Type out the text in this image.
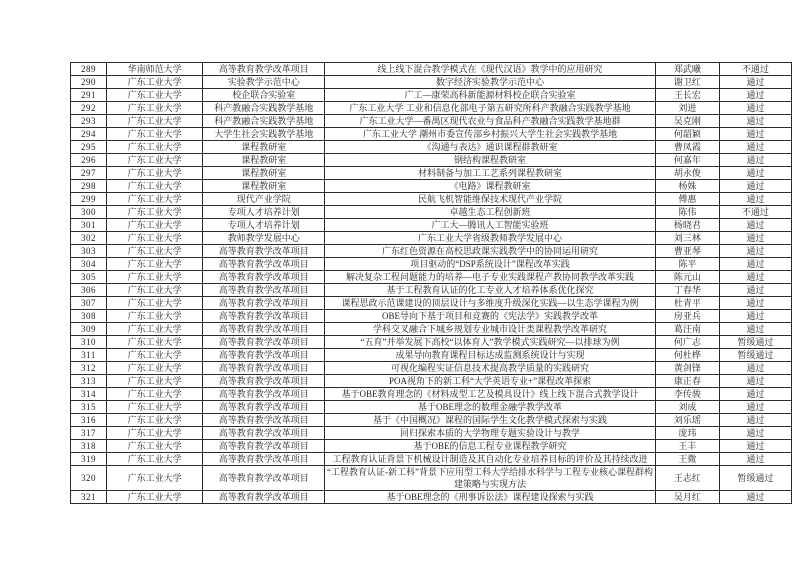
289	华南师范大学	高等教育教学改革项目	线上线下混合教学模式在《现代汉语》教学中的应用研究	郑武曦	不通过
290	广东工业大学	实验教学示范中心	数字经济实验教学示范中心	谢卫红	通过
291	广东工业大学	校企联合实验室	广工—康荣高科新能源材料校企联合实验室	王长宏	通过
292	广东工业大学	科产教融合实践教学基地	广东工业大学 工业和信息化部电子第五研究所科产教融合实践教学基地	刘进	通过
293	广东工业大学	科产教融合实践教学基地	广东工业大学—番禺区现代农业与食品科产教融合实践教学基地群	吴克刚	通过
294	广东工业大学	大学生社会实践教学基地	广东工业大学 潮州市委宣传部乡村振兴大学生社会实践教学基地	何韶颖	通过
295	广东工业大学	课程教研室	《沟通与表达》通识课程群教研室	曹凤霞	通过
296	广东工业大学	课程教研室	钢结构课程教研室	何嘉年	通过
297	广东工业大学	课程教研室	材料制备与加工工艺系列课程教研室	胡永俊	通过
298	广东工业大学	课程教研室	《电路》课程教研室	杨姝	通过
299	广东工业大学	现代产业学院	民航飞机智能维保技术现代产业学院	傅惠	通过
300	广东工业大学	专项人才培养计划	卓越生态工程创新班	陈伟	不通过
301	广东工业大学	专项人才培养计划	广工大—腾讯人工智能实验班	杨晓君	通过
302	广东工业大学	教师教学发展中心	广东工业大学省级教师教学发展中心	刘三林	通过
303	广东工业大学	高等教育教学改革项目	广东红色资源在高校思政课实践教学中的协同运用研究	曹亚琴	通过
304	广东工业大学	高等教育教学改革项目	项目驱动的“DSP系统设计”课程改革实践	陈平	通过
305	广东工业大学	高等教育教学改革项目	解决复杂工程问题能力的培养—电子专业实践课程产教协同教学改革实践	陈元山	通过
306	广东工业大学	高等教育教学改革项目	基于工程教育认证的化工专业人才培养体系优化探究	丁春华	通过
307	广东工业大学	高等教育教学改革项目	课程思政示范课建设的顶层设计与多维度升级深化实践—以生态学课程为例	杜青平	通过
308	广东工业大学	高等教育教学改革项目	OBE导向下基于项目和竞赛的《宪法学》实践教学改革	房亚兵	通过
309	广东工业大学	高等教育教学改革项目	学科交叉融合下城乡规划专业城市设计类课程教学改革研究	葛汪南	通过
310	广东工业大学	高等教育教学改革项目	“五育”并举发展下高校“以体育人”教学模式实践研究—以排球为例	何广志	暂缓通过
311	广东工业大学	高等教育教学改革项目	成果导向教育课程目标达成监测系统设计与实现	何杜桦	暂缓通过
312	广东工业大学	高等教育教学改革项目	可视化编程实证信息技术提高教学质量的实践研究	黄剑锋	通过
313	广东工业大学	高等教育教学改革项目	POA视角下的新工科“大学英语专业+”课程改革探索	康正春	通过
314	广东工业大学	高等教育教学改革项目	基于OBE教育理念的《材料成型工艺及模具设计》线上线下混合式教学设计	李传骏	通过
315	广东工业大学	高等教育教学改革项目	基于OBE理念的数理金融学教学改革	刘成	通过
316	广东工业大学	高等教育教学改革项目	基于《中国概况》课程的国际学生文化教学模式探索与实践	刘乐瑶	通过
317	广东工业大学	高等教育教学改革项目	回归探索本质的大学物理专题实验设计与教学	庞玮	通过
318	广东工业大学	高等教育教学改革项目	基于OBE的信息工程专业课程教学研究	王丰	通过
319	广东工业大学	高等教育教学改革项目	工程教育认证背景下机械设计制造及其自动化专业培养目标的评价及其持续改进	王微	通过
320	广东工业大学	高等教育教学改革项目	“工程教育认证-新工科”背景下应用型工科大学给排水科学与工程专业核心课程群构建策略与实现方法	王志红	暂缓通过
321	广东工业大学	高等教育教学改革项目	基于OBE理念的《刑事诉讼法》课程建设探索与实践	吴月红	通过
